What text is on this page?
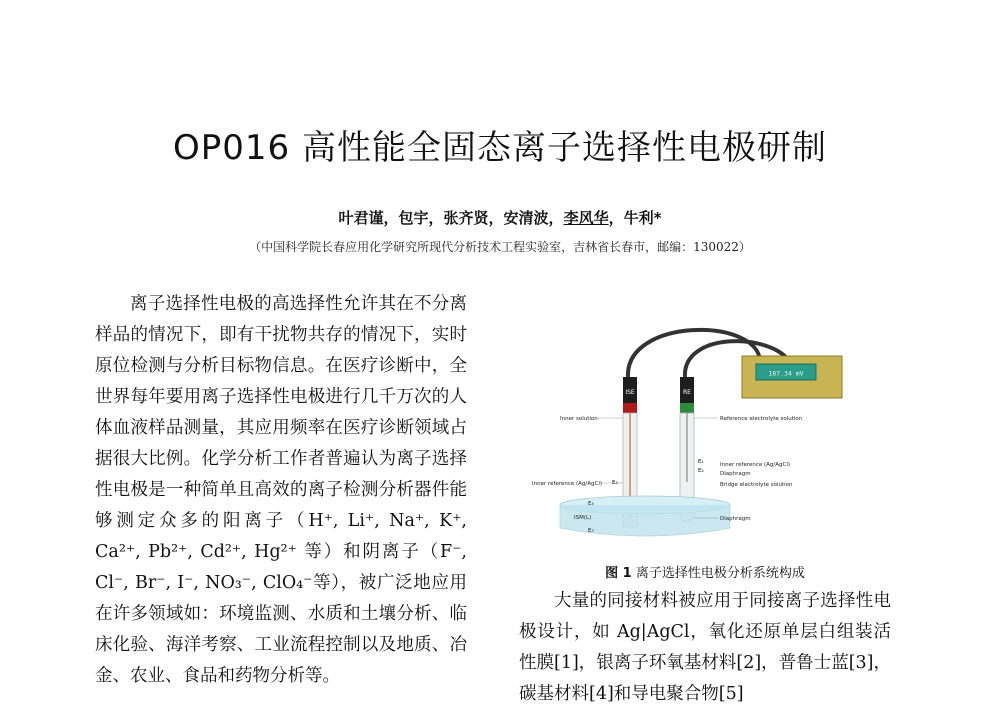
OP016 高性能全固态离子选择性电极研制
叶君谨，包宇，张齐贤，安清波，李风华，牛利*
（中国科学院长春应用化学研究所现代分析技术工程实验室，吉林省长春市，邮编：130022）

离子选择性电极的高选择性允许其在不分离样品的情况下，即有干扰物共存的情况下，实时原位检测与分析目标物信息。在医疗诊断中，全世界每年要用离子选择性电极进行几千万次的人体血液样品测量，其应用频率在医疗诊断领域占据很大比例。化学分析工作者普遍认为离子选择性电极是一种简单且高效的离子检测分析器件能够测定众多的阳离子（H⁺, Li⁺, Na⁺, K⁺, Ca²⁺, Pb²⁺, Cd²⁺, Hg²⁺ 等）和阴离子（F⁻, Cl⁻, Br⁻, I⁻, NO₃⁻, ClO₄⁻等），被广泛地应用在许多领域如：环境监测、水质和土壤分析、临床化验、海洋考察、工业流程控制以及地质、冶金、农业、食品和药物分析等。

187.34 mV
ISE	RE
Inner solution	Reference electrolyte solution
Inner reference (Ag/AgCl)
Diaphragm
Bridge electrolyte solution
Inner reference (Ag/AgCl)
ISM(L)	Diaphragm
E₁
E₂
E₃
E₄
E₅
图 1 离子选择性电极分析系统构成

大量的同接材料被应用于同接离子选择性电极设计，如 Ag|AgCl，氧化还原单层白组装活性膜[1]，银离子环氧基材料[2]，普鲁士蓝[3]，碳基材料[4]和导电聚合物[5]
